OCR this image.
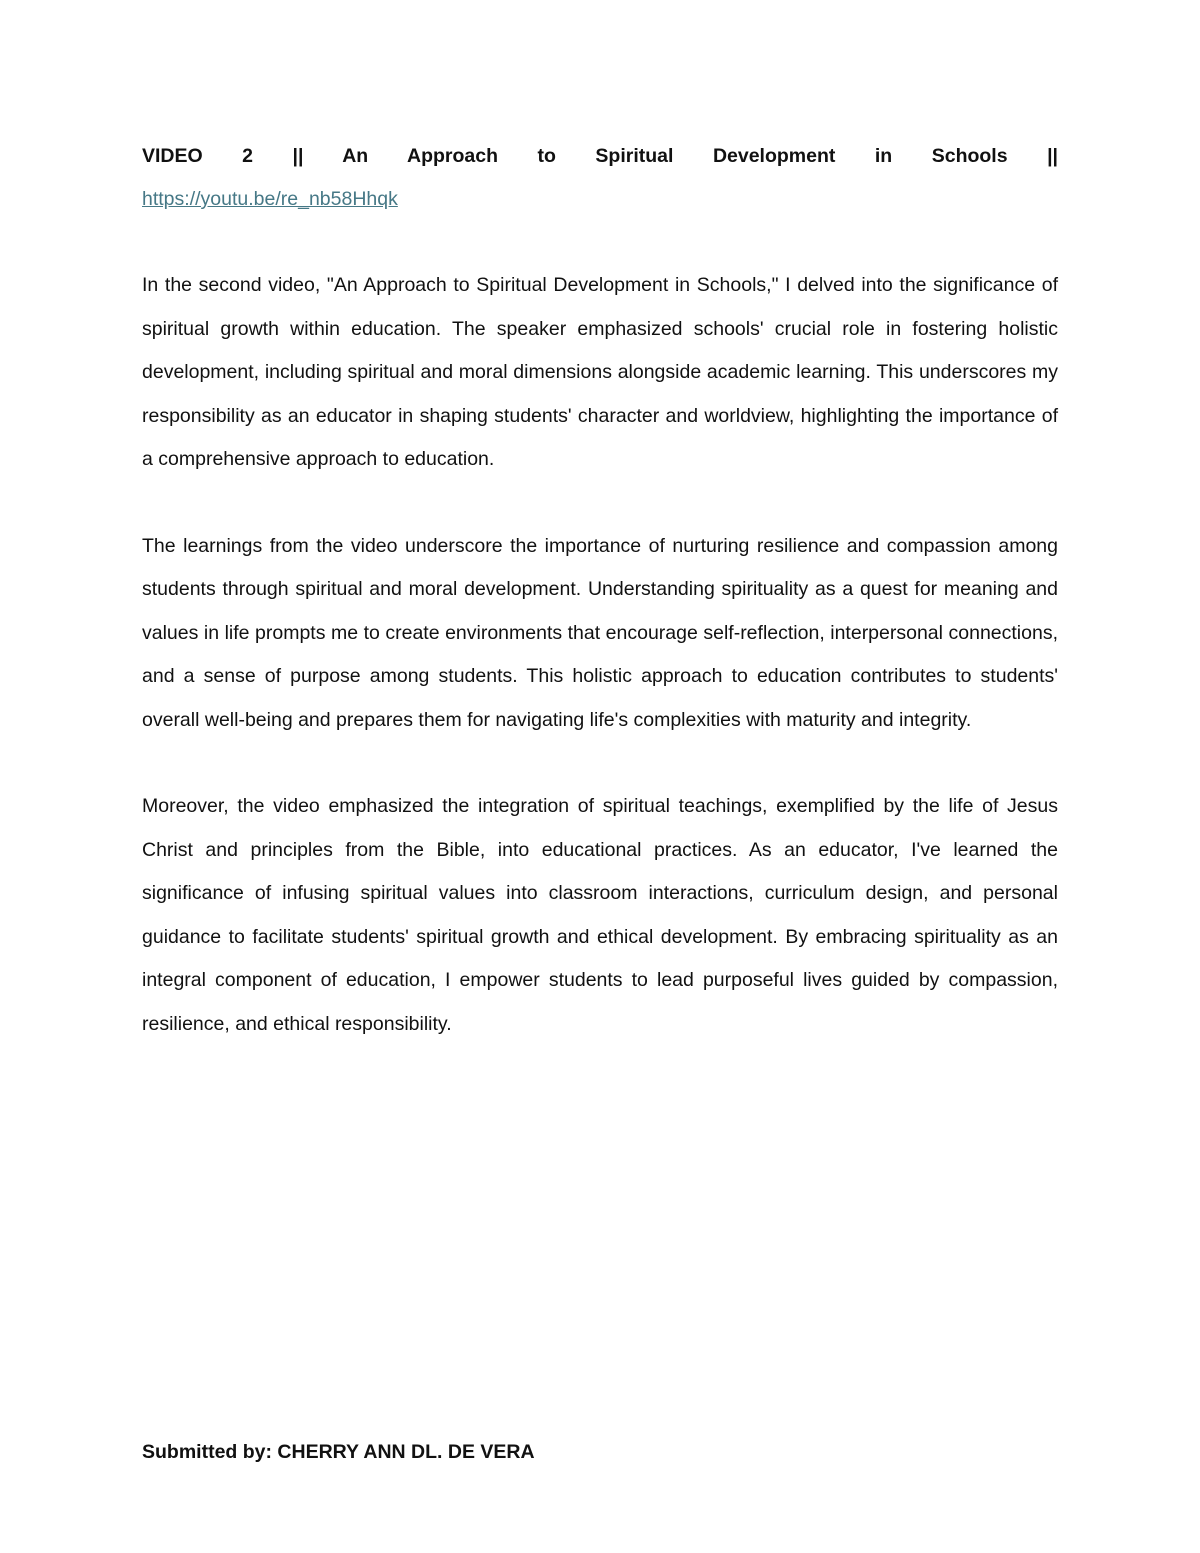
VIDEO 2 || An Approach to Spiritual Development in Schools ||

https://youtu.be/re_nb58Hhqk

In the second video, "An Approach to Spiritual Development in Schools," I delved into the significance of spiritual growth within education. The speaker emphasized schools' crucial role in fostering holistic development, including spiritual and moral dimensions alongside academic learning. This underscores my responsibility as an educator in shaping students' character and worldview, highlighting the importance of a comprehensive approach to education.

The learnings from the video underscore the importance of nurturing resilience and compassion among students through spiritual and moral development. Understanding spirituality as a quest for meaning and values in life prompts me to create environments that encourage self-reflection, interpersonal connections, and a sense of purpose among students. This holistic approach to education contributes to students' overall well-being and prepares them for navigating life's complexities with maturity and integrity.

Moreover, the video emphasized the integration of spiritual teachings, exemplified by the life of Jesus Christ and principles from the Bible, into educational practices. As an educator, I've learned the significance of infusing spiritual values into classroom interactions, curriculum design, and personal guidance to facilitate students' spiritual growth and ethical development. By embracing spirituality as an integral component of education, I empower students to lead purposeful lives guided by compassion, resilience, and ethical responsibility.

Submitted by: CHERRY ANN DL. DE VERA
